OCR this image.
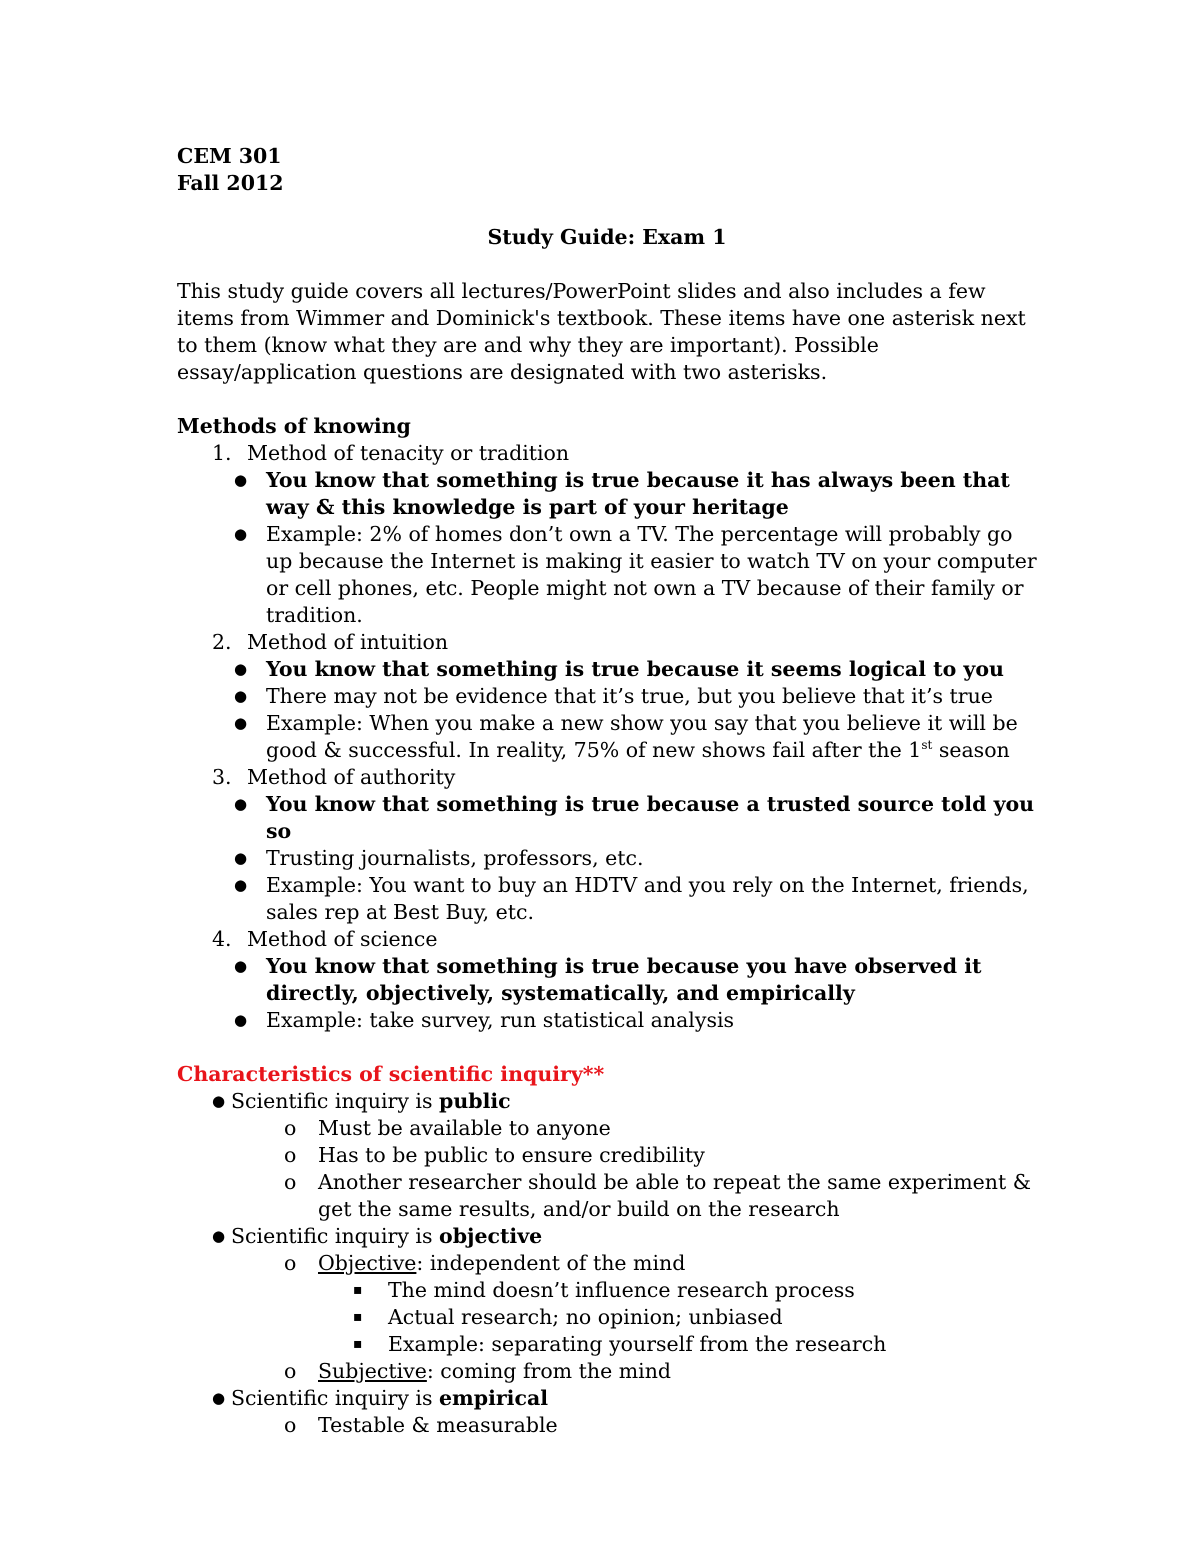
CEM 301

Fall 2012

Study Guide: Exam 1

This study guide covers all lectures/PowerPoint slides and also includes a few items from Wimmer and Dominick's textbook. These items have one asterisk next to them (know what they are and why they are important). Possible essay/application questions are designated with two asterisks.

Methods of knowing

1. Method of tenacity or tradition
● You know that something is true because it has always been that way & this knowledge is part of your heritage
● Example: 2% of homes don’t own a TV. The percentage will probably go up because the Internet is making it easier to watch TV on your computer or cell phones, etc. People might not own a TV because of their family or tradition.
2. Method of intuition
● You know that something is true because it seems logical to you
● There may not be evidence that it’s true, but you believe that it’s true
● Example: When you make a new show you say that you believe it will be good & successful. In reality, 75% of new shows fail after the 1st season
3. Method of authority
● You know that something is true because a trusted source told you so
● Trusting journalists, professors, etc.
● Example: You want to buy an HDTV and you rely on the Internet, friends, sales rep at Best Buy, etc.
4. Method of science
● You know that something is true because you have observed it directly, objectively, systematically, and empirically
● Example: take survey, run statistical analysis

Characteristics of scientific inquiry**

● Scientific inquiry is public
o Must be available to anyone
o Has to be public to ensure credibility
o Another researcher should be able to repeat the same experiment & get the same results, and/or build on the research
● Scientific inquiry is objective
o Objective: independent of the mind
▪ The mind doesn’t influence research process
▪ Actual research; no opinion; unbiased
▪ Example: separating yourself from the research
o Subjective: coming from the mind
● Scientific inquiry is empirical
o Testable & measurable
